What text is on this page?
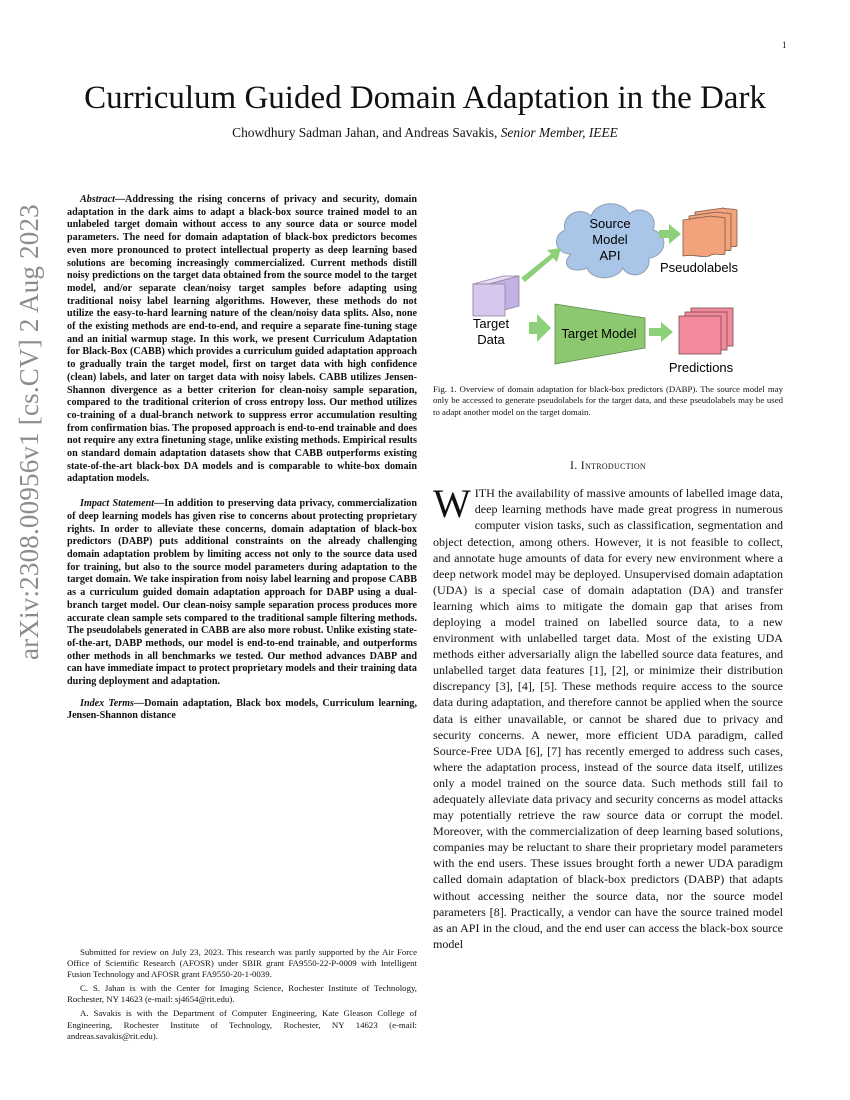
1
arXiv:2308.00956v1 [cs.CV] 2 Aug 2023
Curriculum Guided Domain Adaptation in the Dark
Chowdhury Sadman Jahan, and Andreas Savakis, Senior Member, IEEE

Abstract—Addressing the rising concerns of privacy and security, domain adaptation in the dark aims to adapt a black-box source trained model to an unlabeled target domain without access to any source data or source model parameters. The need for domain adaptation of black-box predictors becomes even more pronounced to protect intellectual property as deep learning based solutions are becoming increasingly commercialized. Current methods distill noisy predictions on the target data obtained from the source model to the target model, and/or separate clean/noisy target samples before adapting using traditional noisy label learning algorithms. However, these methods do not utilize the easy-to-hard learning nature of the clean/noisy data splits. Also, none of the existing methods are end-to-end, and require a separate fine-tuning stage and an initial warmup stage. In this work, we present Curriculum Adaptation for Black-Box (CABB) which provides a curriculum guided adaptation approach to gradually train the target model, first on target data with high confidence (clean) labels, and later on target data with noisy labels. CABB utilizes Jensen-Shannon divergence as a better criterion for clean-noisy sample separation, compared to the traditional criterion of cross entropy loss. Our method utilizes co-training of a dual-branch network to suppress error accumulation resulting from confirmation bias. The proposed approach is end-to-end trainable and does not require any extra finetuning stage, unlike existing methods. Empirical results on standard domain adaptation datasets show that CABB outperforms existing state-of-the-art black-box DA models and is comparable to white-box domain adaptation models.

Impact Statement—In addition to preserving data privacy, commercialization of deep learning models has given rise to concerns about protecting proprietary rights. In order to alleviate these concerns, domain adaptation of black-box predictors (DABP) puts additional constraints on the already challenging domain adaptation problem by limiting access not only to the source data used for training, but also to the source model parameters during adaptation to the target domain. We take inspiration from noisy label learning and propose CABB as a curriculum guided domain adaptation approach for DABP using a dual-branch target model. Our clean-noisy sample separation process produces more accurate clean sample sets compared to the traditional sample filtering methods. The pseudolabels generated in CABB are also more robust. Unlike existing state-of-the-art, DABP methods, our model is end-to-end trainable, and outperforms other methods in all benchmarks we tested. Our method advances DABP and can have immediate impact to protect proprietary models and their training data during deployment and adaptation.

Index Terms—Domain adaptation, Black box models, Curriculum learning, Jensen-Shannon distance

Submitted for review on July 23, 2023. This research was partly supported by the Air Force Office of Scientific Research (AFOSR) under SBIR grant FA9550-22-P-0009 with Intelligent Fusion Technology and AFOSR grant FA9550-20-1-0039.

C. S. Jahan is with the Center for Imaging Science, Rochester Institute of Technology, Rochester, NY 14623 (e-mail: sj4654@rit.edu).

A. Savakis is with the Department of Computer Engineering, Kate Gleason College of Engineering, Rochester Institute of Technology, Rochester, NY 14623 (e-mail: andreas.savakis@rit.edu).

Source
Model
API
Pseudolabels
Target
Data	Target Model
Predictions

Fig. 1. Overview of domain adaptation for black-box predictors (DABP). The source model may only be accessed to generate pseudolabels for the target data, and these pseudolabels may be used to adapt another model on the target domain.

I. Introduction

WITH the availability of massive amounts of labelled image data, deep learning methods have made great progress in numerous computer vision tasks, such as classification, segmentation and object detection, among others. However, it is not feasible to collect, and annotate huge amounts of data for every new environment where a deep network model may be deployed. Unsupervised domain adaptation (UDA) is a special case of domain adaptation (DA) and transfer learning which aims to mitigate the domain gap that arises from deploying a model trained on labelled source data, to a new environment with unlabelled target data. Most of the existing UDA methods either adversarially align the labelled source data features, and unlabelled target data features [1], [2], or minimize their distribution discrepancy [3], [4], [5]. These methods require access to the source data during adaptation, and therefore cannot be applied when the source data is either unavailable, or cannot be shared due to privacy and security concerns. A newer, more efficient UDA paradigm, called Source-Free UDA [6], [7] has recently emerged to address such cases, where the adaptation process, instead of the source data itself, utilizes only a model trained on the source data. Such methods still fail to adequately alleviate data privacy and security concerns as model attacks may potentially retrieve the raw source data or corrupt the model. Moreover, with the commercialization of deep learning based solutions, companies may be reluctant to share their proprietary model parameters with the end users. These issues brought forth a newer UDA paradigm called domain adaptation of black-box predictors (DABP) that adapts without accessing neither the source data, nor the source model parameters [8]. Practically, a vendor can have the source trained model as an API in the cloud, and the end user can access the black-box source model
